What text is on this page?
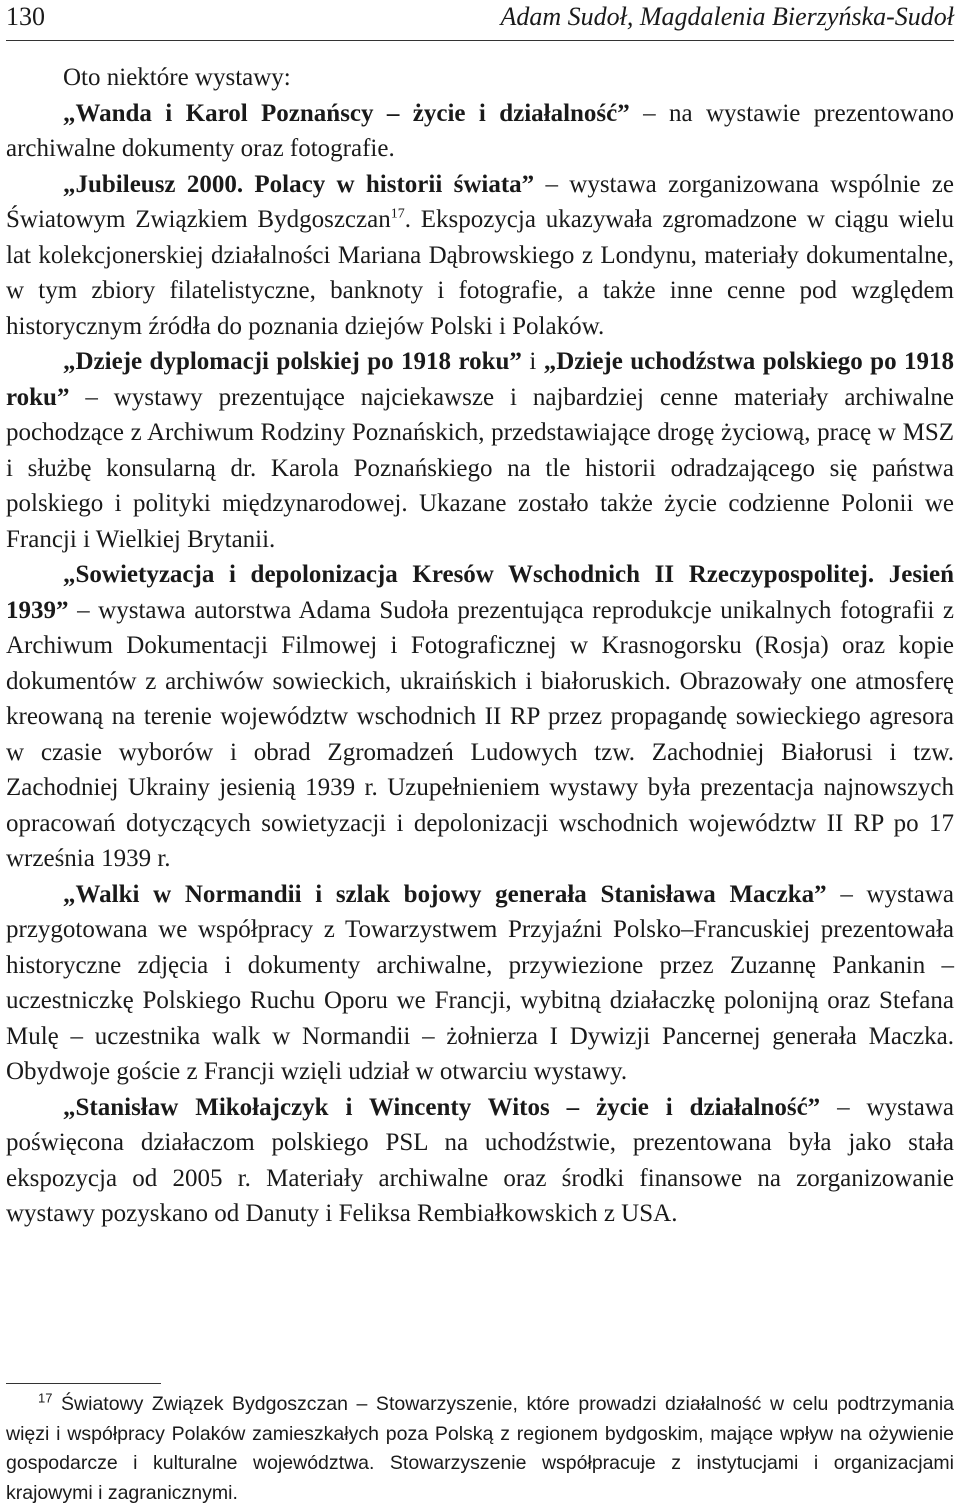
130	Adam Sudoł, Magdalenia Bierzyńska-Sudoł

Oto niektóre wystawy:

„Wanda i Karol Poznańscy – życie i działalność” – na wystawie prezentowano archiwalne dokumenty oraz fotografie.

„Jubileusz 2000. Polacy w historii świata” – wystawa zorganizowana wspólnie ze Światowym Związkiem Bydgoszczan$^{17}$. Ekspozycja ukazywała zgromadzone w ciągu wielu lat kolekcjonerskiej działalności Mariana Dąbrowskiego z Londynu, materiały dokumentalne, w tym zbiory filatelistyczne, banknoty i fotografie, a także inne cenne pod względem historycznym źródła do poznania dziejów Polski i Polaków.

„Dzieje dyplomacji polskiej po 1918 roku” i „Dzieje uchodźstwa polskiego po 1918 roku” – wystawy prezentujące najciekawsze i najbardziej cenne materiały archiwalne pochodzące z Archiwum Rodziny Poznańskich, przedstawiające drogę życiową, pracę w MSZ i służbę konsularną dr. Karola Poznańskiego na tle historii odradzającego się państwa polskiego i polityki międzynarodowej. Ukazane zostało także życie codzienne Polonii we Francji i Wielkiej Brytanii.

„Sowietyzacja i depolonizacja Kresów Wschodnich II Rzeczypospolitej. Jesień 1939” – wystawa autorstwa Adama Sudoła prezentująca reprodukcje unikalnych fotografii z Archiwum Dokumentacji Filmowej i Fotograficznej w Krasnogorsku (Rosja) oraz kopie dokumentów z archiwów sowieckich, ukraińskich i białoruskich. Obrazowały one atmosferę kreowaną na terenie województw wschodnich II RP przez propagandę sowieckiego agresora w czasie wyborów i obrad Zgromadzeń Ludowych tzw. Zachodniej Białorusi i tzw. Zachodniej Ukrainy jesienią 1939 r. Uzupełnieniem wystawy była prezentacja najnowszych opracowań dotyczących sowietyzacji i depolonizacji wschodnich województw II RP po 17 września 1939 r.

„Walki w Normandii i szlak bojowy generała Stanisława Maczka” – wystawa przygotowana we współpracy z Towarzystwem Przyjaźni Polsko–Francuskiej prezentowała historyczne zdjęcia i dokumenty archiwalne, przywiezione przez Zuzannę Pankanin – uczestniczkę Polskiego Ruchu Oporu we Francji, wybitną działaczkę polonijną oraz Stefana Mulę – uczestnika walk w Normandii – żołnierza I Dywizji Pancernej generała Maczka. Obydwoje goście z Francji wzięli udział w otwarciu wystawy.

„Stanisław Mikołajczyk i Wincenty Witos – życie i działalność” – wystawa poświęcona działaczom polskiego PSL na uchodźstwie, prezentowana była jako stała ekspozycja od 2005 r. Materiały archiwalne oraz środki finansowe na zorganizowanie wystawy pozyskano od Danuty i Feliksa Rembiałkowskich z USA.

$^{17}$ Światowy Związek Bydgoszczan – Stowarzyszenie, które prowadzi działalność w celu podtrzymania więzi i współpracy Polaków zamieszkałych poza Polską z regionem bydgoskim, mające wpływ na ożywienie gospodarcze i kulturalne województwa. Stowarzyszenie współpracuje z instytucjami i organizacjami krajowymi i zagranicznymi.
